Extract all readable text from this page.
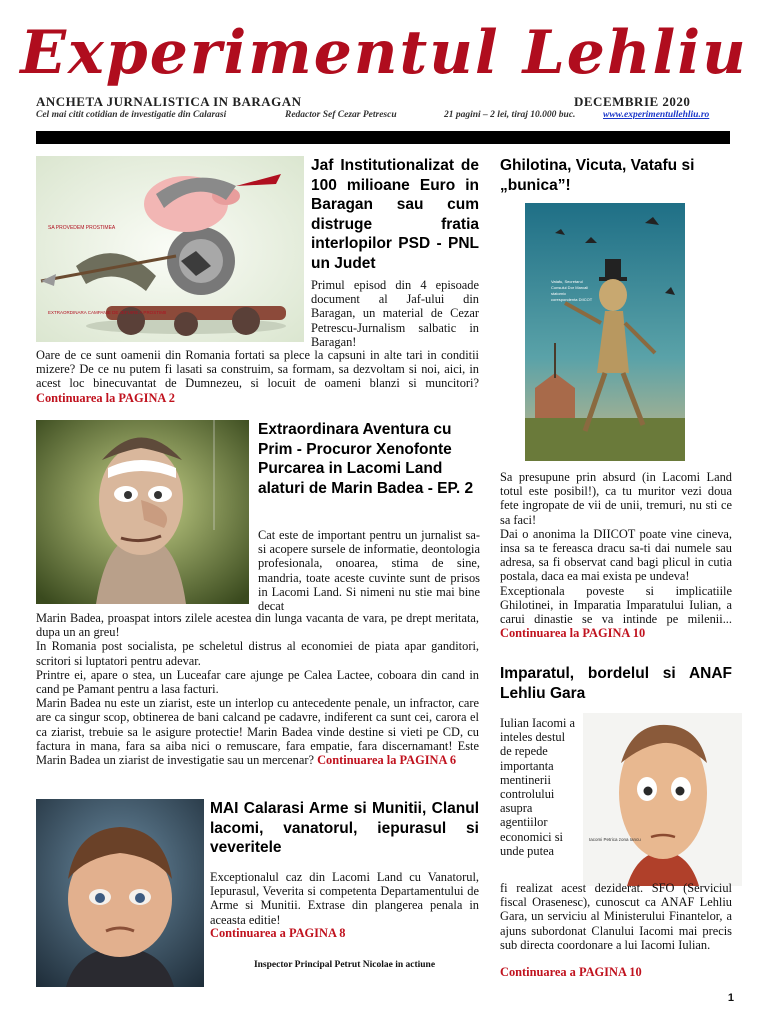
Experimentul Lehliu
ANCHETA JURNALISTICA IN BARAGAN	DECEMBRIE 2020
Cel mai citit cotidian de investigatie din Calarasi	Redactor Sef Cezar Petrescu	21 pagini – 2 lei, tiraj 10.000 buc.	www.experimentullehliu.ro
SA PROVEDEM PROSTIMEA
EXTRAORDINARA CAMPANIE DE JEFUIRE A PROSTIMII
Jaf Institutionalizat de 100 milioane Euro in Baragan sau cum distruge fratia interlopilor PSD - PNL un Judet
Primul episod din 4 episoade document al Jaf-ului din Baragan, un material de Cezar Petrescu-Jurnalism salbatic in Baragan!
Oare de ce sunt oamenii din Romania fortati sa plece la capsuni in alte tari in conditii mizere? De ce nu putem fi lasati sa construim, sa formam, sa dezvoltam si noi, aici, in acest loc binecuvantat de Dumnezeu, si locuit de oameni blanzi si muncitori? Continuarea la PAGINA 2
Extraordinara Aventura cu Prim - Procuror Xenofonte Purcarea in Lacomi Land alaturi de Marin Badea - EP. 2
Cat este de important pentru un jurnalist sa-si acopere sursele de informatie, deontologia profesionala, onoarea, stima de sine, mandria, toate aceste cuvinte sunt de prisos in Lacomi Land. Si nimeni nu stie mai bine decat

Marin Badea, proaspat intors zilele acestea din lunga vacanta de vara, pe drept meritata, dupa un an greu!

In Romania post socialista, pe scheletul distrus al economiei de piata apar ganditori, scritori si luptatori pentru adevar.

Printre ei, apare o stea, un Luceafar care ajunge pe Calea Lactee, coboara din cand in cand pe Pamant pentru a lasa facturi.

Marin Badea nu este un ziarist, este un interlop cu antecedente penale, un infractor, care are ca singur scop, obtinerea de bani calcand pe cadavre, indiferent ca sunt cei, carora el ca ziarist, trebuie sa le asigure protectie! Marin Badea vinde destine si vieti pe CD, cu factura in mana, fara sa aiba nici o remuscare, fara empatie, fara discernamant! Este Marin Badea un ziarist de investigatie sau un mercenar? Continuarea la PAGINA 6

MAI Calarasi Arme si Munitii, Clanul lacomi, vanatorul, iepurasul si veveritele
Exceptionalul caz din Lacomi Land cu Vanatorul, Iepurasul, Veverita si competenta Departamentului de Arme si Munitii. Extrase din plangerea penala in aceasta editie!
Continuarea a PAGINA 8
Inspector Principal Petrut Nicolae in actiune
Ghilotina, Vicuta, Vatafu si „bunica”!
Vatafu, Secretarul Consului Dor Marcali statornic corespondenta DIICOT

Sa presupune prin absurd (in Lacomi Land totul este posibil!), ca tu muritor vezi doua fete ingropate de vii de unii, tremuri, nu sti ce sa faci!

Dai o anonima la DIICOT poate vine cineva, insa sa te fereasca dracu sa-ti dai numele sau adresa, sa fi observat cand bagi plicul in cutia postala, daca ea mai exista pe undeva!

Exceptionala poveste si implicatiile Ghilotinei, in Imparatia Imparatului Iulian, a carui dinastie se va intinde pe milenii... Continuarea la PAGINA 10

Imparatul, bordelul si ANAF Lehliu Gara
Iacomi Petrica zona Iancu
Iulian Iacomi a inteles destul de repede importanta mentinerii controlului asupra agentiilor economici si unde putea
fi realizat acest deziderat. SFO (Serviciul fiscal Orasenesc), cunoscut ca ANAF Lehliu Gara, un serviciu al Ministerului Finantelor, a ajuns subordonat Clanului Iacomi mai precis sub directa coordonare a lui Iacomi Iulian.
Continuarea a PAGINA 10
1
